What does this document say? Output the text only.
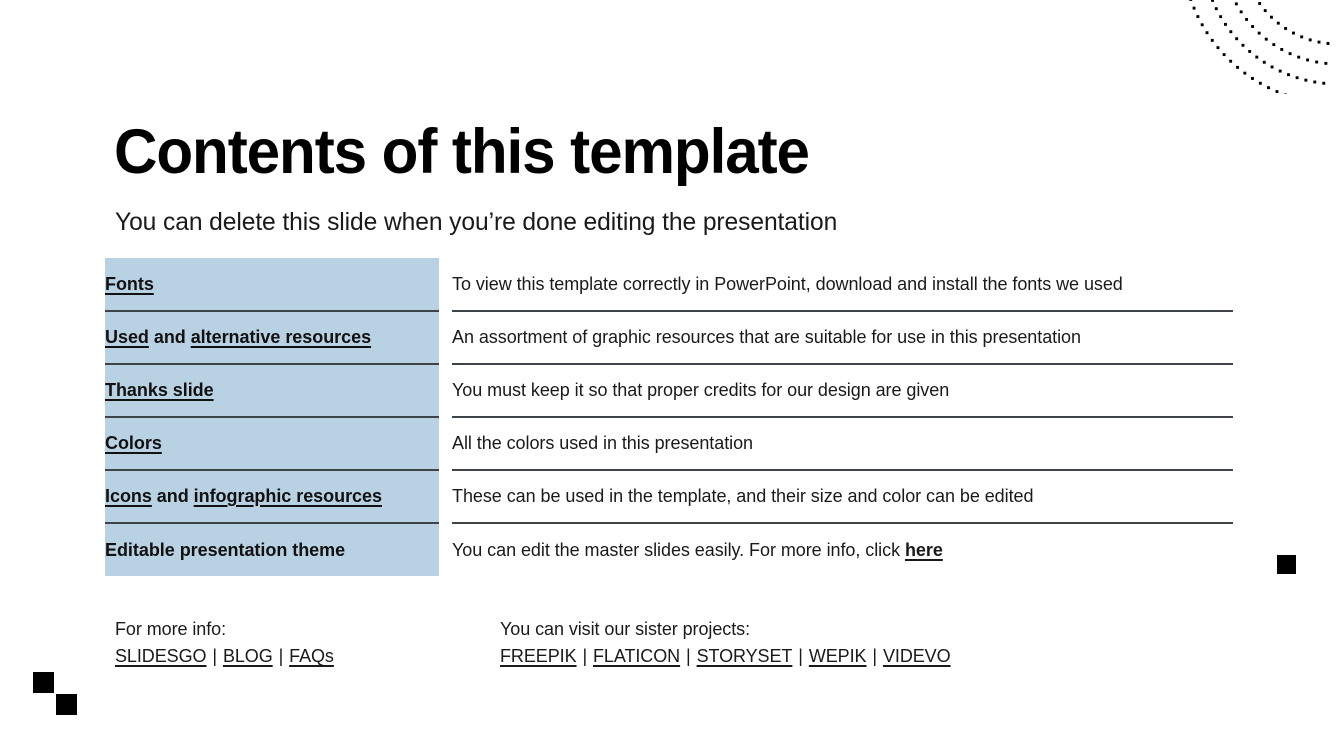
Contents of this template

You can delete this slide when you’re done editing the presentation

Fonts		To view this template correctly in PowerPoint, download and install the fonts we used
Used and alternative resources		An assortment of graphic resources that are suitable for use in this presentation
Thanks slide		You must keep it so that proper credits for our design are given
Colors		All the colors used in this presentation
Icons and infographic resources		These can be used in the template, and their size and color can be edited
Editable presentation theme		You can edit the master slides easily. For more info, click here
For more info:
SLIDESGO | BLOG | FAQs
You can visit our sister projects:
FREEPIK | FLATICON | STORYSET | WEPIK | VIDEVO
